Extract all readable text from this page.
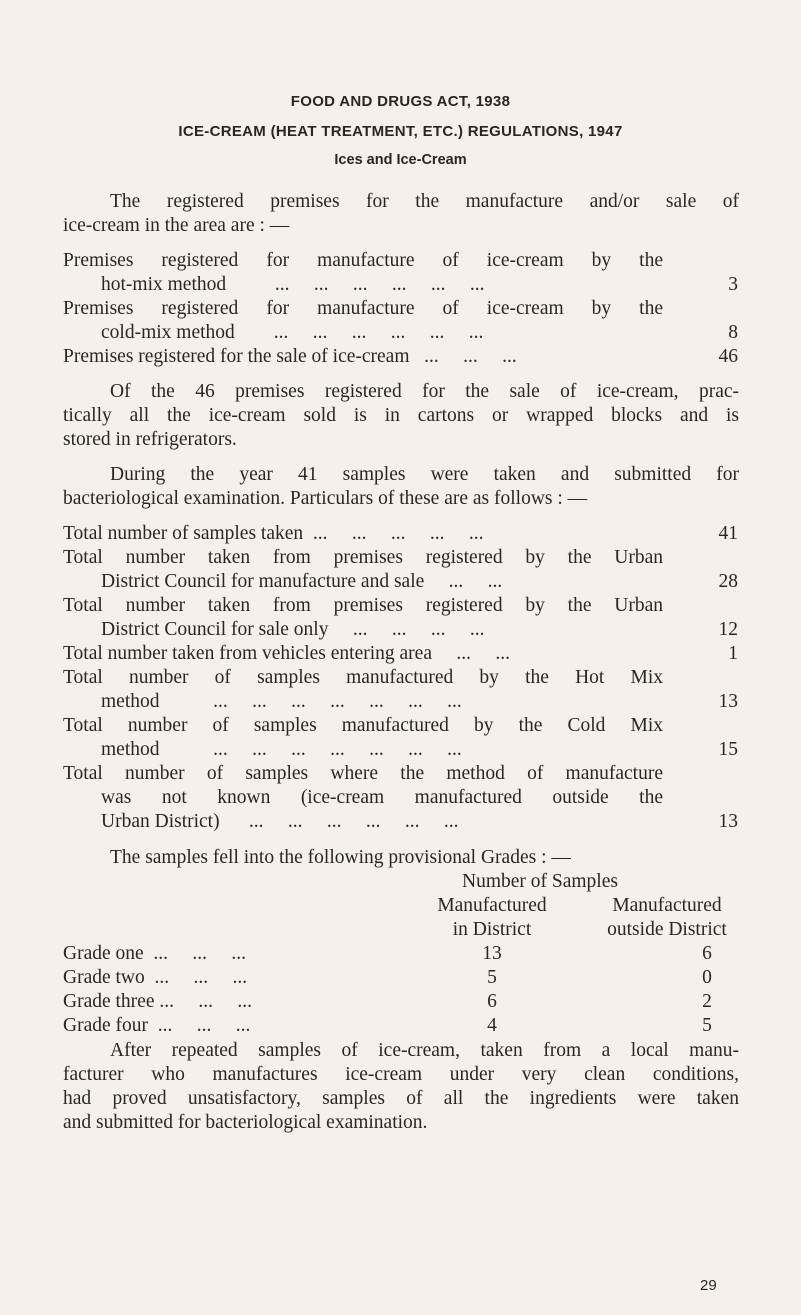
FOOD AND DRUGS ACT, 1938
ICE-CREAM (HEAT TREATMENT, ETC.) REGULATIONS, 1947
Ices and Ice-Cream
The registered premises for the manufacture and/or sale of
ice-cream in the area are : —
Premises registered for manufacture of ice-cream by the
hot-mix method          ...     ...     ...     ...     ...     ...	3
Premises registered for manufacture of ice-cream by the
cold-mix method        ...     ...     ...     ...     ...     ...	8
Premises registered for the sale of ice-cream   ...     ...     ...	46
Of the 46 premises registered for the sale of ice-cream, prac-
tically all the ice-cream sold is in cartons or wrapped blocks and is
stored in refrigerators.
During the year 41 samples were taken and submitted for
bacteriological examination. Particulars of these are as follows : —
Total number of samples taken  ...     ...     ...     ...     ...	41
Total number taken from premises registered by the Urban
District Council for manufacture and sale     ...     ...	28
Total number taken from premises registered by the Urban
District Council for sale only     ...     ...     ...     ...	12
Total number taken from vehicles entering area     ...     ...	1
Total number of samples manufactured by the Hot Mix
method           ...     ...     ...     ...     ...     ...     ...	13
Total number of samples manufactured by the Cold Mix
method           ...     ...     ...     ...     ...     ...     ...	15
Total number of samples where the method of manufacture
was not known (ice-cream manufactured outside the
Urban District)      ...     ...     ...     ...     ...     ...	13
The samples fell into the following provisional Grades : —
Number of Samples
Manufactured
in District
Manufactured
outside District
Grade one  ...     ...     ...	13	6
Grade two  ...     ...     ...	5	0
Grade three ...     ...     ...	6	2
Grade four  ...     ...     ...	4	5
After repeated samples of ice-cream, taken from a local manu-
facturer who manufactures ice-cream under very clean conditions,
had proved unsatisfactory, samples of all the ingredients were taken
and submitted for bacteriological examination.
29
